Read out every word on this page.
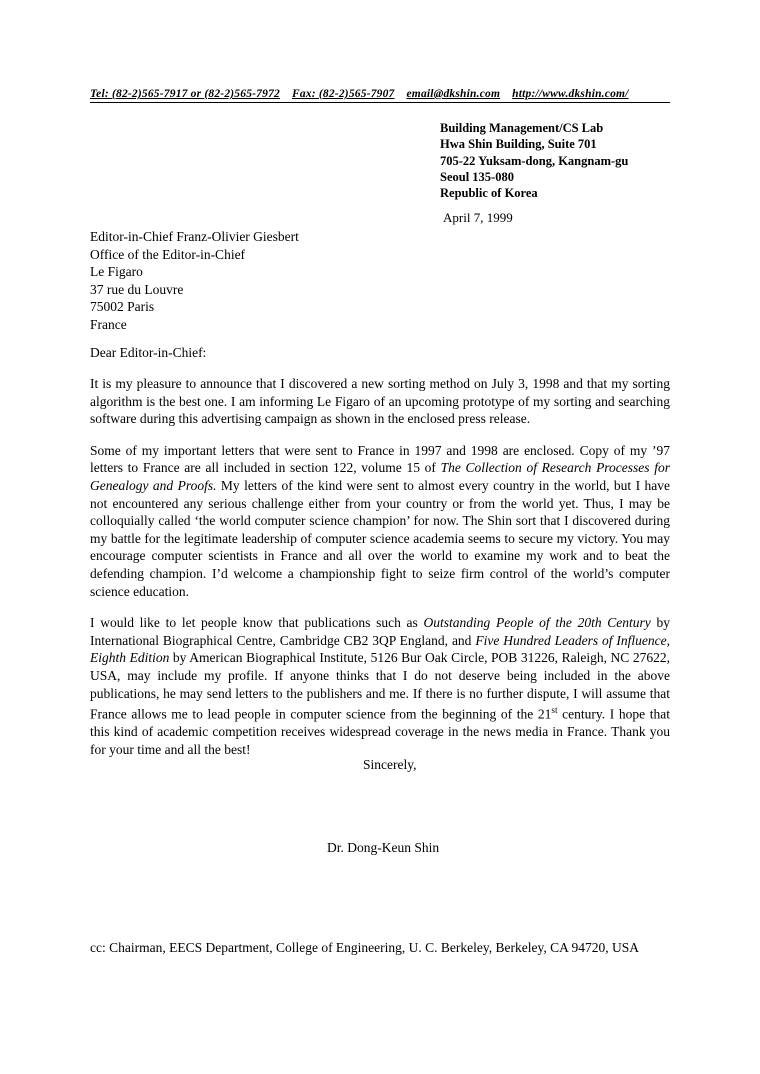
Tel: (82-2)565-7917 or (82-2)565-7972 Fax: (82-2)565-7907 email@dkshin.com http://www.dkshin.com/
Building Management/CS Lab
Hwa Shin Building, Suite 701
705-22 Yuksam-dong, Kangnam-gu
Seoul 135-080
Republic of Korea
April 7, 1999
Editor-in-Chief Franz-Olivier Giesbert
Office of the Editor-in-Chief
Le Figaro
37 rue du Louvre
75002 Paris
France
Dear Editor-in-Chief:

It is my pleasure to announce that I discovered a new sorting method on July 3, 1998 and that my sorting algorithm is the best one. I am informing Le Figaro of an upcoming prototype of my sorting and searching software during this advertising campaign as shown in the enclosed press release.

Some of my important letters that were sent to France in 1997 and 1998 are enclosed. Copy of my ’97 letters to France are all included in section 122, volume 15 of The Collection of Research Processes for Genealogy and Proofs. My letters of the kind were sent to almost every country in the world, but I have not encountered any serious challenge either from your country or from the world yet. Thus, I may be colloquially called ‘the world computer science champion’ for now. The Shin sort that I discovered during my battle for the legitimate leadership of computer science academia seems to secure my victory. You may encourage computer scientists in France and all over the world to examine my work and to beat the defending champion. I’d welcome a championship fight to seize firm control of the world’s computer science education.

I would like to let people know that publications such as Outstanding People of the 20th Century by International Biographical Centre, Cambridge CB2 3QP England, and Five Hundred Leaders of Influence, Eighth Edition by American Biographical Institute, 5126 Bur Oak Circle, POB 31226, Raleigh, NC 27622, USA, may include my profile. If anyone thinks that I do not deserve being included in the above publications, he may send letters to the publishers and me. If there is no further dispute, I will assume that France allows me to lead people in computer science from the beginning of the 21st century. I hope that this kind of academic competition receives widespread coverage in the news media in France. Thank you for your time and all the best!

Sincerely,
Dr. Dong-Keun Shin
cc: Chairman, EECS Department, College of Engineering, U. C. Berkeley, Berkeley, CA 94720, USA
